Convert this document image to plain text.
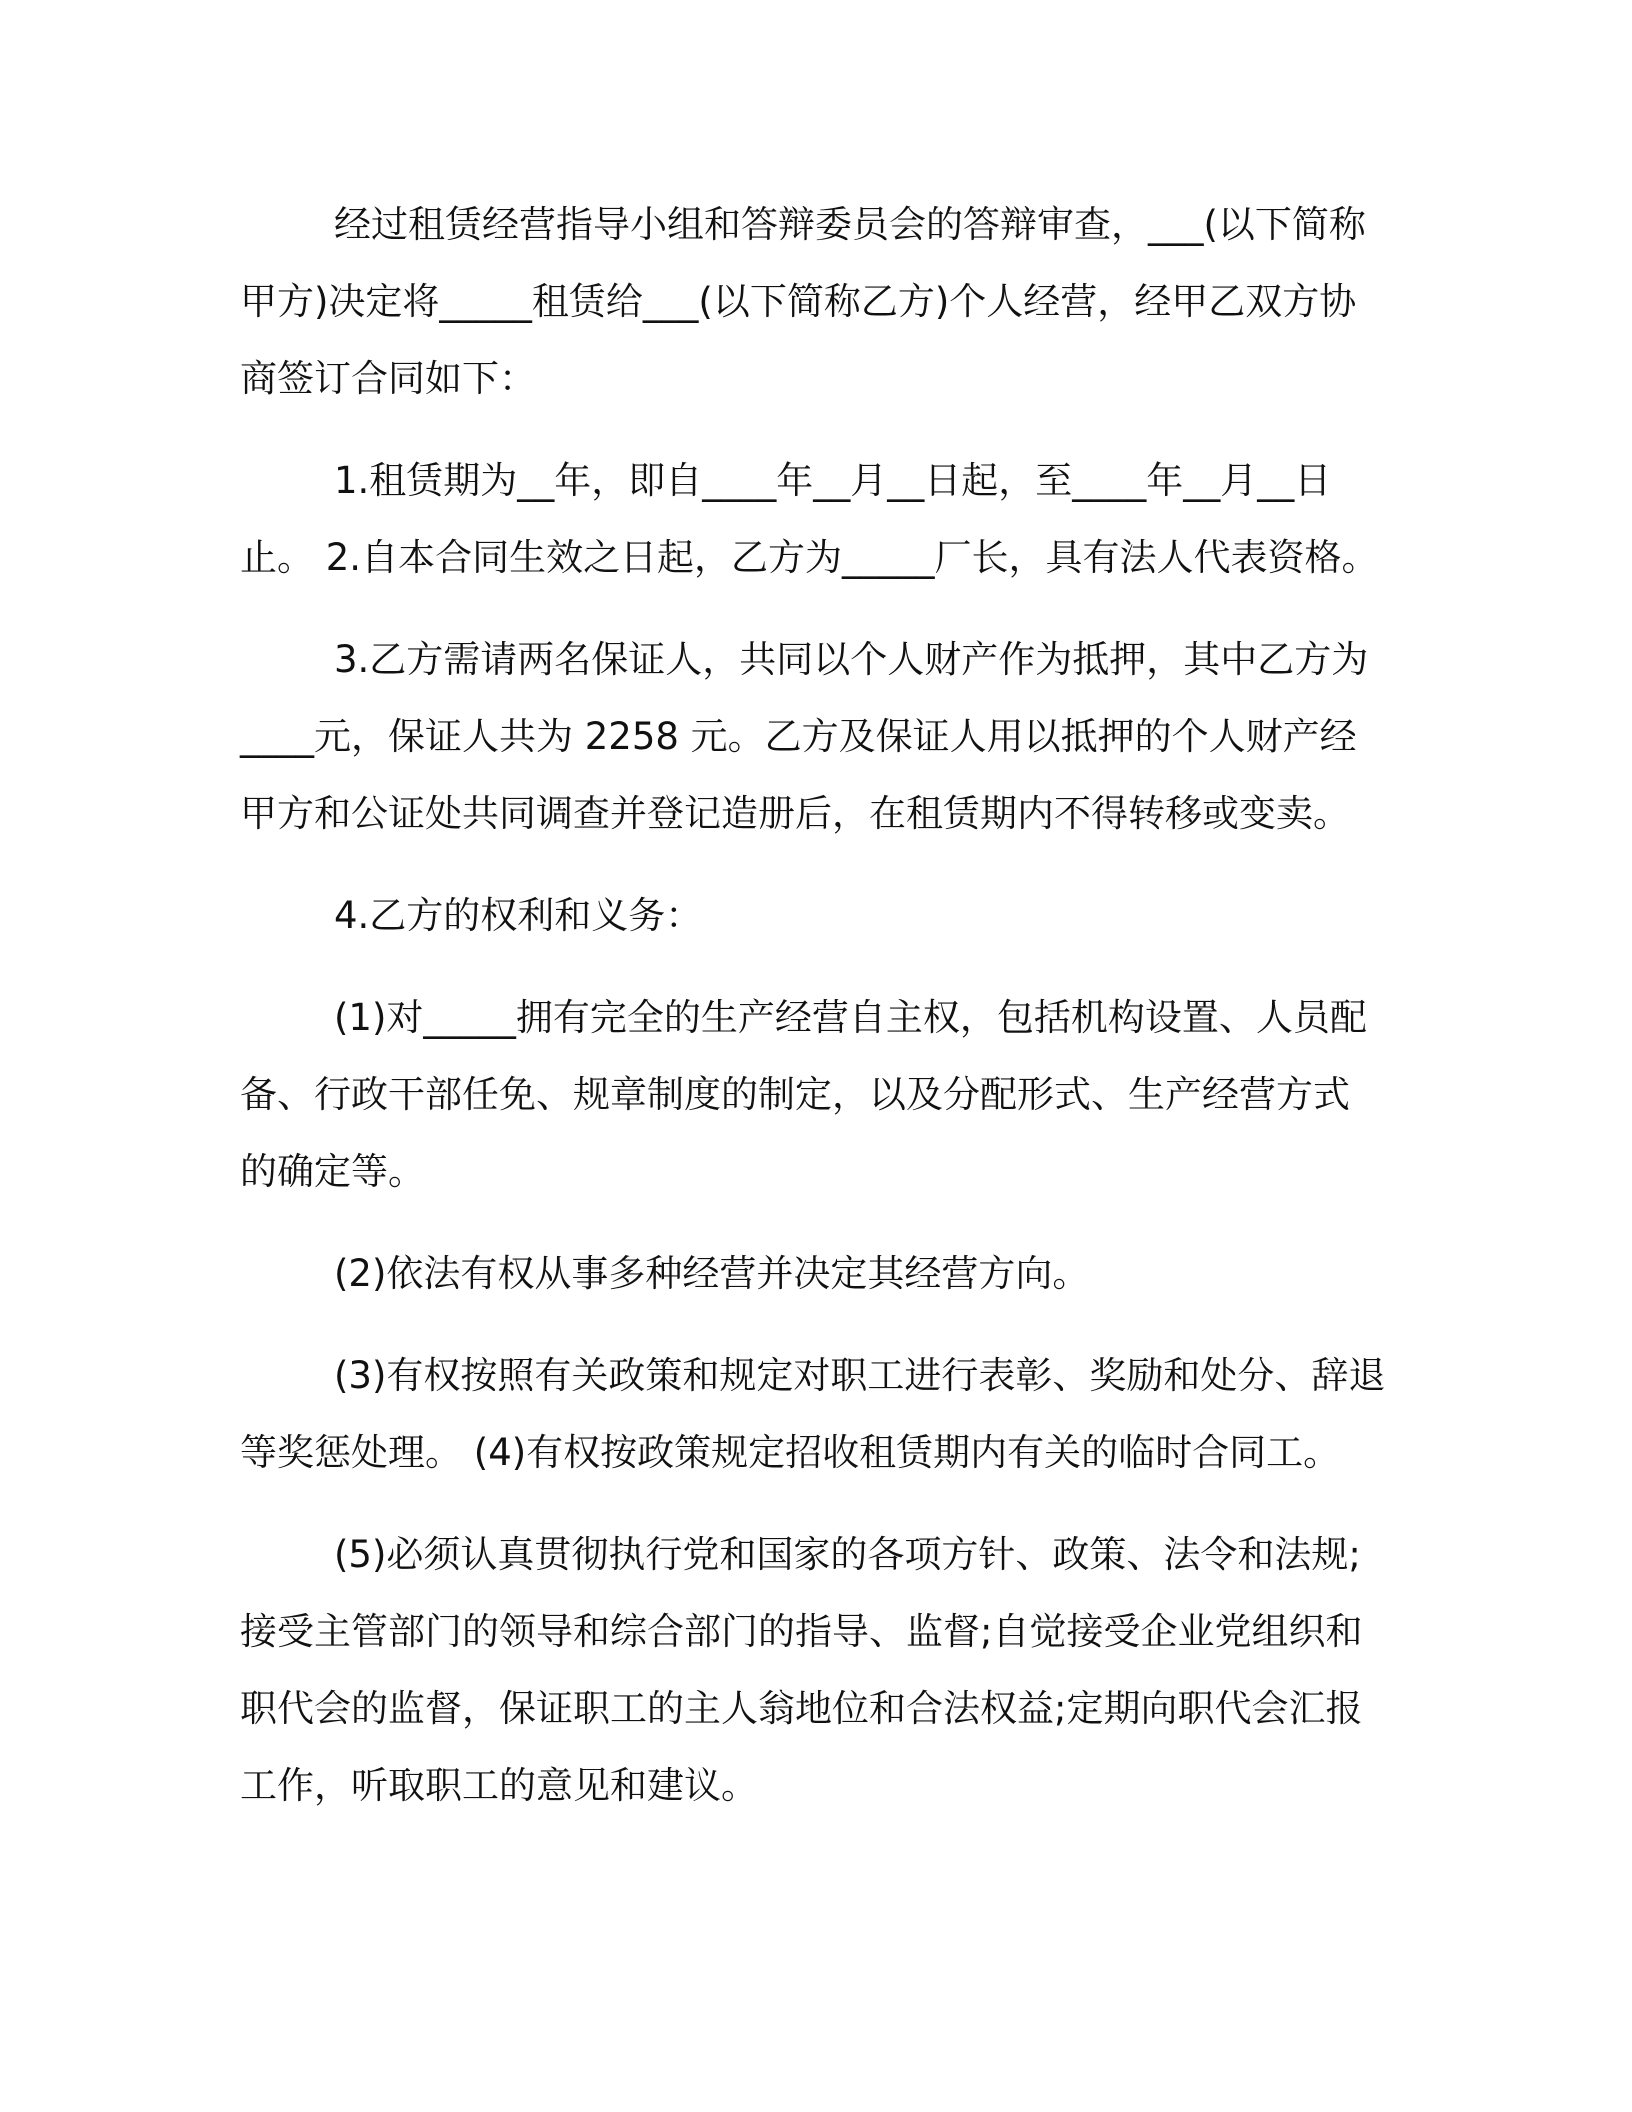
经过租赁经营指导小组和答辩委员会的答辩审查，___(以下简称
甲方)决定将_____租赁给___(以下简称乙方)个人经营，经甲乙双方协
商签订合同如下：
1.租赁期为__年，即自____年__月__日起，至____年__月__日
止。 2.自本合同生效之日起，乙方为_____厂长，具有法人代表资格。
3.乙方需请两名保证人，共同以个人财产作为抵押，其中乙方为
____元，保证人共为 2258 元。乙方及保证人用以抵押的个人财产经
甲方和公证处共同调查并登记造册后，在租赁期内不得转移或变卖。
4.乙方的权利和义务：
(1)对_____拥有完全的生产经营自主权，包括机构设置、人员配
备、行政干部任免、规章制度的制定，以及分配形式、生产经营方式
的确定等。
(2)依法有权从事多种经营并决定其经营方向。
(3)有权按照有关政策和规定对职工进行表彰、奖励和处分、辞退
等奖惩处理。 (4)有权按政策规定招收租赁期内有关的临时合同工。
(5)必须认真贯彻执行党和国家的各项方针、政策、法令和法规;
接受主管部门的领导和综合部门的指导、监督;自觉接受企业党组织和
职代会的监督，保证职工的主人翁地位和合法权益;定期向职代会汇报
工作，听取职工的意见和建议。
